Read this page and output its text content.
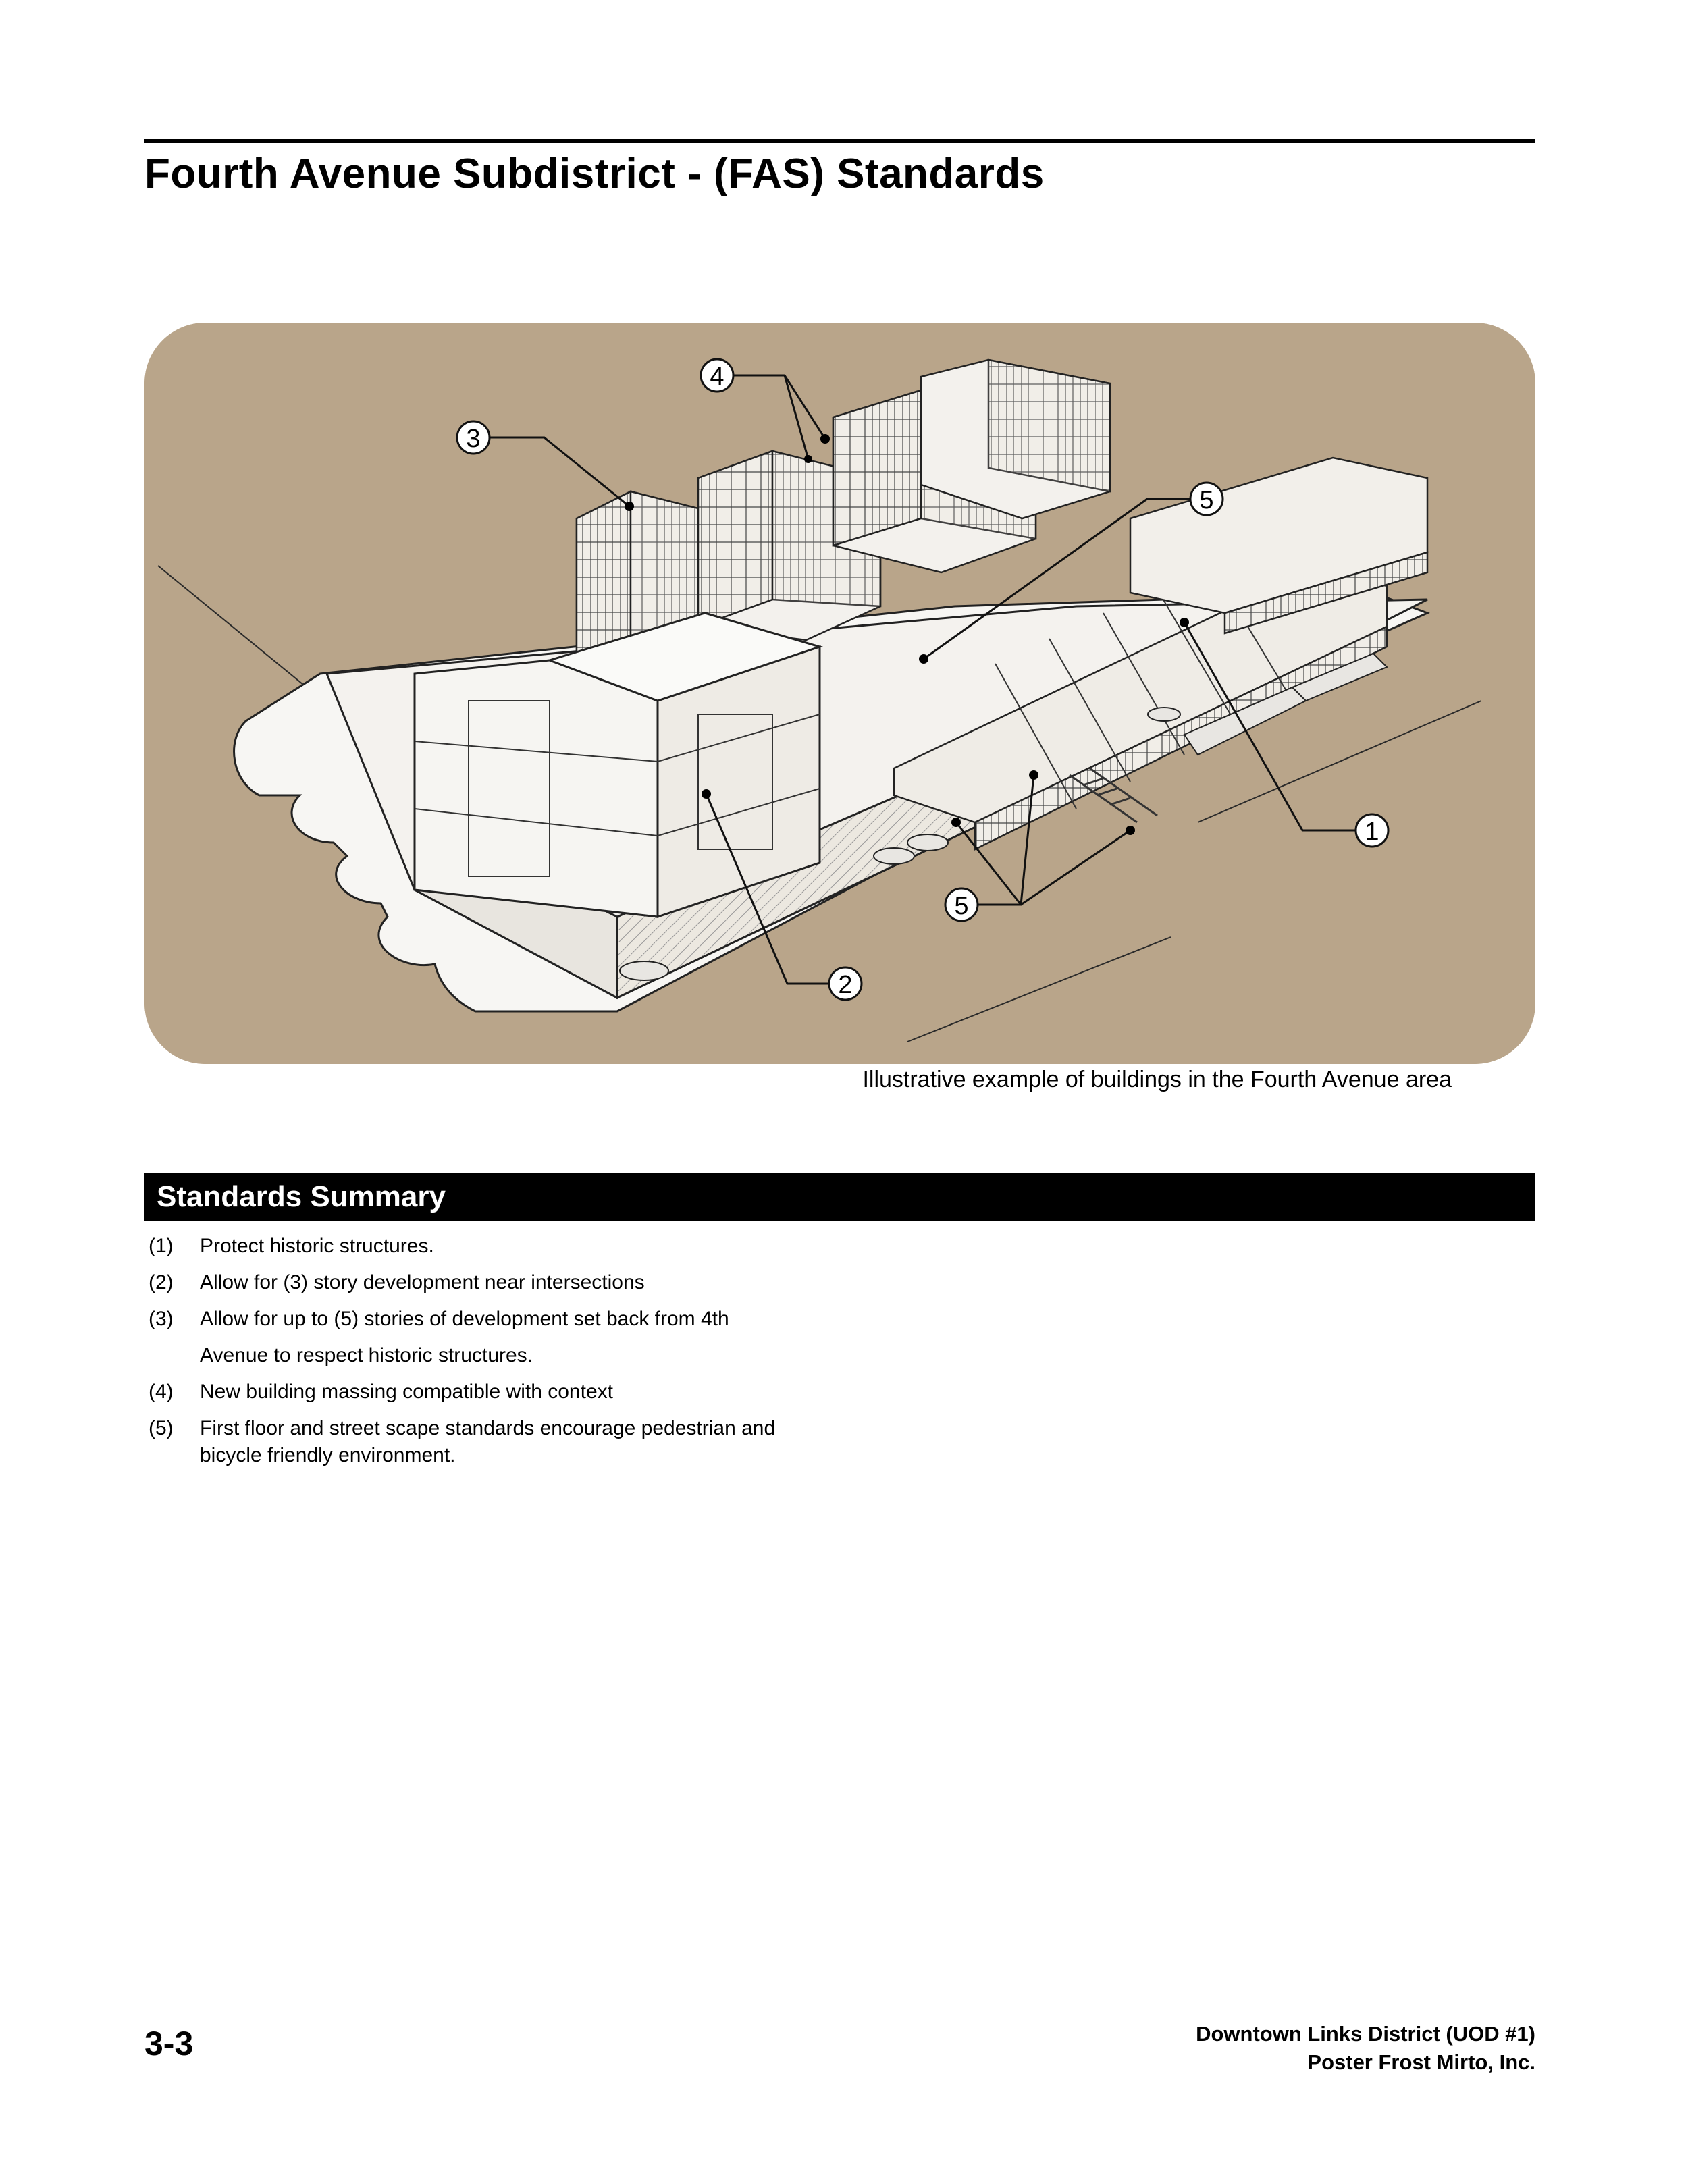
Fourth Avenue Subdistrict - (FAS) Standards
4
3
5
1
5
2
Illustrative example of buildings in the Fourth Avenue area
Standards Summary
(1) Protect historic structures.
(2) Allow for (3) story development near intersections
(3) Allow for up to (5) stories of development set back from 4th
Avenue to respect historic structures.
(4) New building massing compatible with context
(5) First floor and street scape standards encourage pedestrian and
bicycle friendly environment.
3-3	Downtown Links District (UOD #1)
Poster Frost Mirto, Inc.
